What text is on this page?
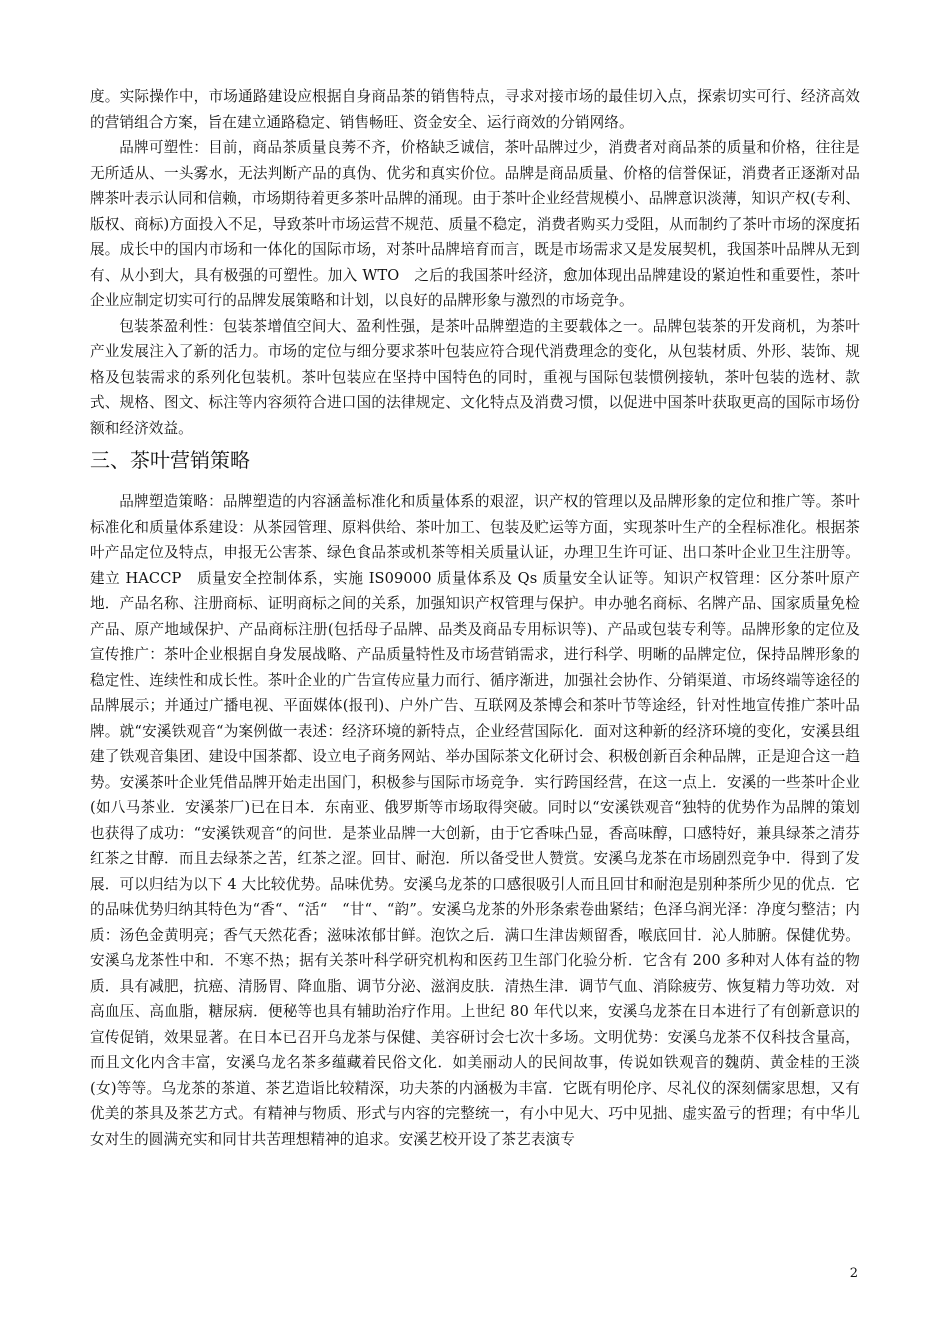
度。实际操作中，市场通路建设应根据自身商品茶的销售特点，寻求对接市场的最佳切入点，探索切实可行、经济高效的营销组合方案，旨在建立通路稳定、销售畅旺、资金安全、运行商效的分销网络。

品牌可塑性：目前，商品茶质量良莠不齐，价格缺乏诚信，茶叶品牌过少，消费者对商品茶的质量和价格，往往是无所适从、一头雾水，无法判断产品的真伪、优劣和真实价位。品牌是商品质量、价格的信誉保证，消费者正逐渐对品牌茶叶表示认同和信赖，市场期待着更多茶叶品牌的涌现。由于茶叶企业经营规模小、品牌意识淡薄，知识产权(专利、版权、商标)方面投入不足，导致茶叶市场运营不规范、质量不稳定，消费者购买力受阻，从而制约了茶叶市场的深度拓展。成长中的国内市场和一体化的国际市场，对茶叶品牌培育而言，既是市场需求又是发展契机，我国茶叶品牌从无到有、从小到大，具有极强的可塑性。加入 WTO　之后的我国茶叶经济，愈加体现出品牌建设的紧迫性和重要性，茶叶企业应制定切实可行的品牌发展策略和计划，以良好的品牌形象与激烈的市场竞争。

包装茶盈利性：包装茶增值空间大、盈利性强，是茶叶品牌塑造的主要载体之一。品牌包装茶的开发商机，为茶叶产业发展注入了新的活力。市场的定位与细分要求茶叶包装应符合现代消费理念的变化，从包装材质、外形、装饰、规格及包装需求的系列化包装机。茶叶包装应在坚持中国特色的同时，重视与国际包装惯例接轨，茶叶包装的选材、款式、规格、图文、标注等内容须符合进口国的法律规定、文化特点及消费习惯，以促进中国茶叶获取更高的国际市场份额和经济效益。

三、茶叶营销策略

品牌塑造策略：品牌塑造的内容涵盖标准化和质量体系的艰涩，识产权的管理以及品牌形象的定位和推广等。茶叶标准化和质量体系建设：从茶园管理、原料供给、茶叶加工、包装及贮运等方面，实现茶叶生产的全程标准化。根据茶叶产品定位及特点，申报无公害茶、绿色食品茶或机茶等相关质量认证，办理卫生许可证、出口茶叶企业卫生注册等。建立 HACCP　质量安全控制体系，实施 IS09000 质量体系及 Qs 质量安全认证等。知识产权管理：区分茶叶原产地．产品名称、注册商标、证明商标之间的关系，加强知识产权管理与保护。申办驰名商标、名牌产品、国家质量免检产品、原产地域保护、产品商标注册(包括母子品牌、品类及商品专用标识等)、产品或包装专利等。品牌形象的定位及宣传推广：茶叶企业根据自身发展战略、产品质量特性及市场营销需求，进行科学、明晰的品牌定位，保持品牌形象的稳定性、连续性和成长性。茶叶企业的广告宣传应量力而行、循序渐进，加强社会协作、分销渠道、市场终端等途径的品牌展示；并通过广播电视、平面媒体(报刊)、户外广告、互联网及茶博会和茶叶节等途经，针对性地宣传推广茶叶品牌。就“安溪铁观音“为案例做一表述：经济环境的新特点，企业经营国际化．面对这种新的经济环境的变化，安溪县组建了铁观音集团、建设中国茶都、设立电子商务网站、举办国际茶文化研讨会、积极创新百余种品牌，正是迎合这一趋势。安溪茶叶企业凭借品牌开始走出国门，积极参与国际市场竞争．实行跨国经营，在这一点上．安溪的一些茶叶企业(如八马茶业．安溪茶厂)已在日本．东南亚、俄罗斯等市场取得突破。同时以“安溪铁观音“独特的优势作为品牌的策划也获得了成功：“安溪铁观音“的问世．是茶业品牌一大创新，由于它香味凸显，香高味醇，口感特好，兼具绿茶之清芬红茶之甘醇．而且去绿茶之苦，红茶之涩。回甘、耐泡．所以备受世人赞赏。安溪乌龙茶在市场剧烈竞争中．得到了发展．可以归结为以下 4 大比较优势。品味优势。安溪乌龙茶的口感很吸引人而且回甘和耐泡是别种茶所少见的优点．它的品味优势归纳其特色为“香“、“活“　“甘“、“韵”。安溪乌龙茶的外形条索卷曲紧结；色泽乌润光泽：净度匀整洁；内质：汤色金黄明亮；香气天然花香；滋味浓郁甘鲜。泡饮之后．满口生津齿颊留香，喉底回甘．沁人肺腑。保健优势。安溪乌龙茶性中和．不寒不热；据有关茶叶科学研究机构和医药卫生部门化验分析．它含有 200 多种对人体有益的物质．具有减肥，抗癌、清肠胃、降血脂、调节分泌、滋润皮肤．清热生津．调节气血、消除疲劳、恢复精力等功效．对高血压、高血脂，糖尿病．便秘等也具有辅助治疗作用。上世纪 80 年代以来，安溪乌龙茶在日本进行了有创新意识的宣传促销，效果显著。在日本已召开乌龙茶与保健、美容研讨会七次十多场。文明优势：安溪乌龙茶不仅科技含量高，而且文化内含丰富，安溪乌龙名茶多蕴藏着民俗文化．如美丽动人的民间故事，传说如铁观音的魏荫、黄金桂的王淡(女)等等。乌龙茶的茶道、茶艺造诣比较精深，功夫茶的内涵极为丰富．它既有明伦序、尽礼仪的深刻儒家思想，又有优美的茶具及茶艺方式。有精神与物质、形式与内容的完整统一，有小中见大、巧中见拙、虚实盈亏的哲理；有中华儿女对生的圆满充实和同甘共苦理想精神的追求。安溪艺校开设了茶艺表演专

2
